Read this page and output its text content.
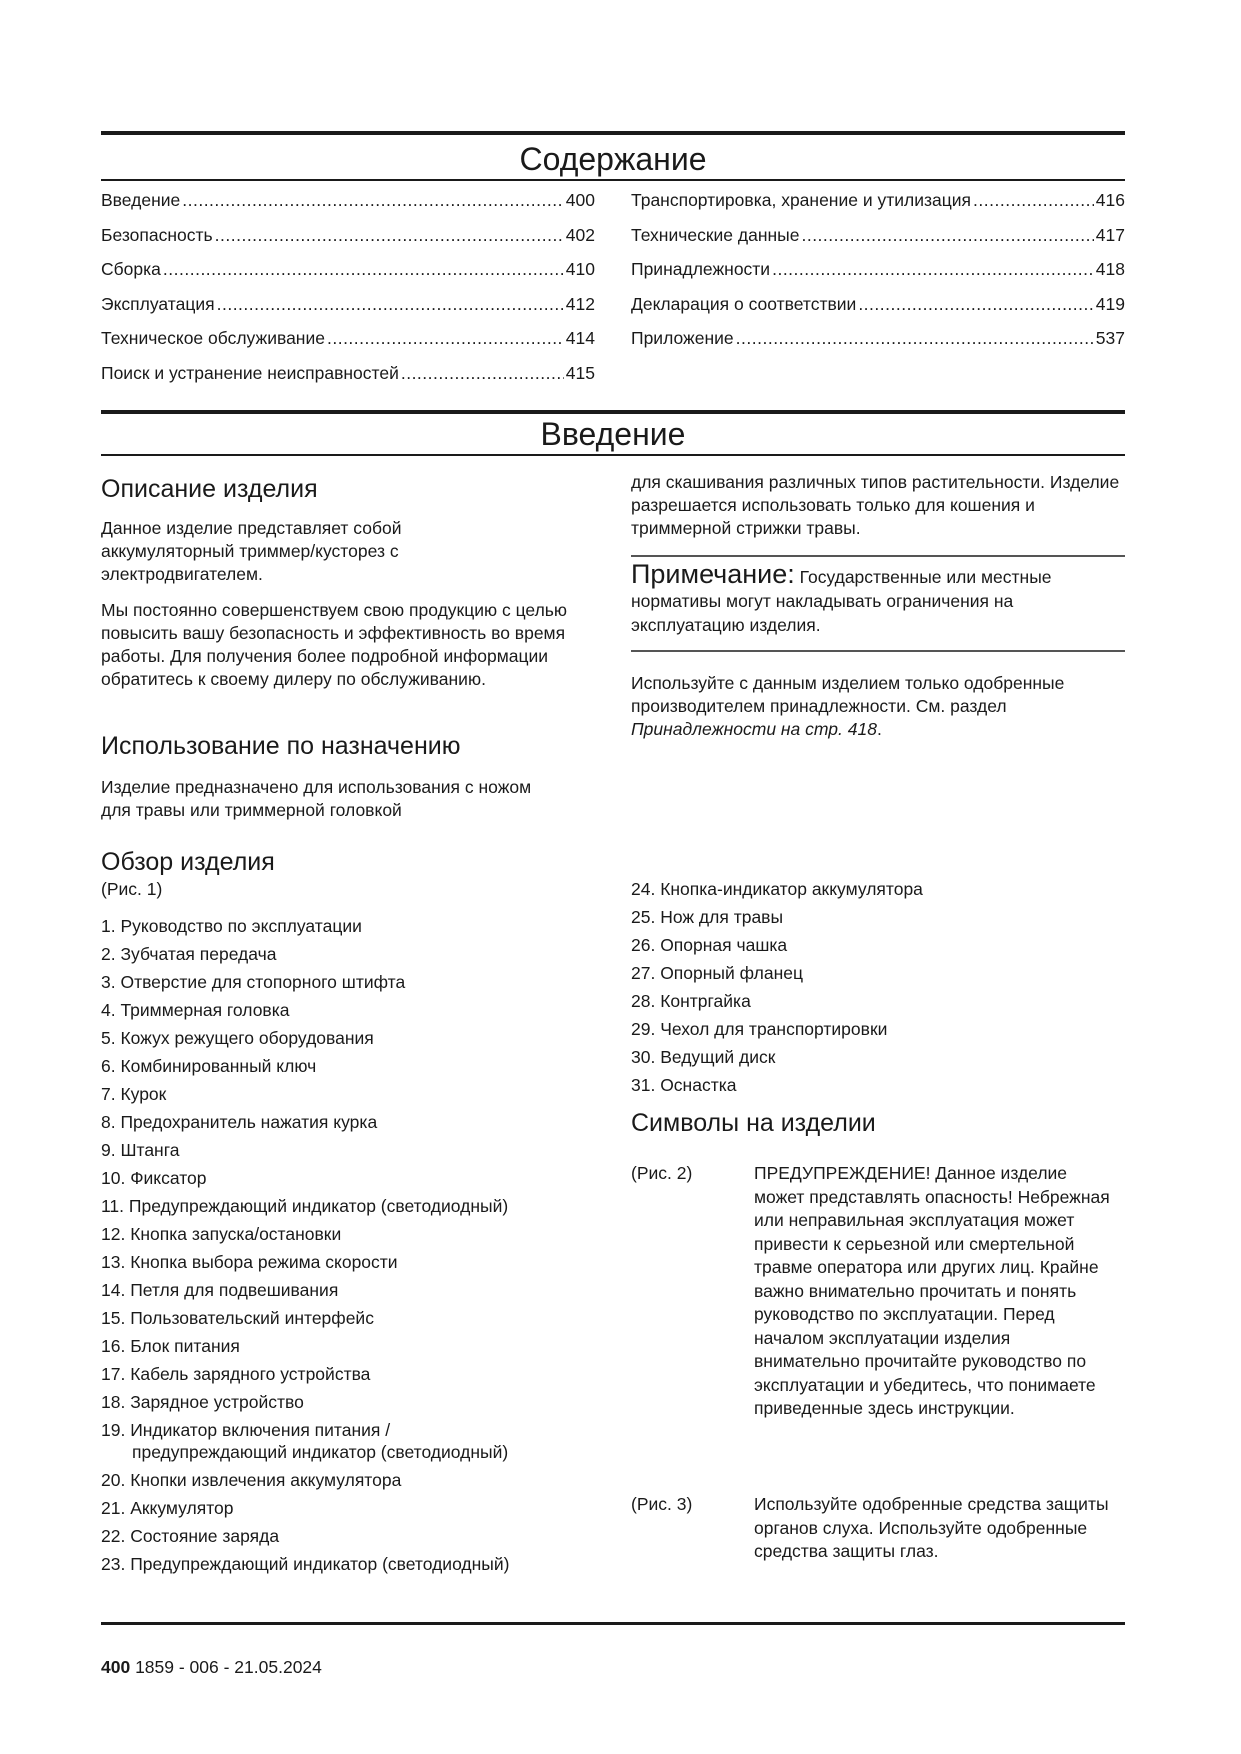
Содержание
Введение .....	400
Безопасность .....	402
Сборка .....	410
Эксплуатация .....	412
Техническое обслуживание .....	414
Поиск и устранение неисправностей .....	415
Транспортировка, хранение и утилизация .....	416
Технические данные .....	417
Принадлежности .....	418
Декларация о соответствии .....	419
Приложение .....	537
Введение
Описание изделия
Данное изделие представляет собой аккумуляторный триммер/кусторез с электродвигателем.
Мы постоянно совершенствуем свою продукцию с целью повысить вашу безопасность и эффективность во время работы. Для получения более подробной информации обратитесь к своему дилеру по обслуживанию.
Использование по назначению
Изделие предназначено для использования с ножом для травы или триммерной головкой
для скашивания различных типов растительности. Изделие разрешается использовать только для кошения и триммерной стрижки травы.
Примечание: Государственные или местные нормативы могут накладывать ограничения на эксплуатацию изделия.
Используйте с данным изделием только одобренные производителем принадлежности. См. раздел Принадлежности на стр. 418.
Обзор изделия
(Рис. 1)
1. Руководство по эксплуатации
2. Зубчатая передача
3. Отверстие для стопорного штифта
4. Триммерная головка
5. Кожух режущего оборудования
6. Комбинированный ключ
7. Курок
8. Предохранитель нажатия курка
9. Штанга
10. Фиксатор
11. Предупреждающий индикатор (светодиодный)
12. Кнопка запуска/остановки
13. Кнопка выбора режима скорости
14. Петля для подвешивания
15. Пользовательский интерфейс
16. Блок питания
17. Кабель зарядного устройства
18. Зарядное устройство
19. Индикатор включения питания /
предупреждающий индикатор (светодиодный)
20. Кнопки извлечения аккумулятора
21. Аккумулятор
22. Состояние заряда
23. Предупреждающий индикатор (светодиодный)
24. Кнопка-индикатор аккумулятора
25. Нож для травы
26. Опорная чашка
27. Опорный фланец
28. Контргайка
29. Чехол для транспортировки
30. Ведущий диск
31. Оснастка
Символы на изделии
(Рис. 2)	ПРЕДУПРЕЖДЕНИЕ! Данное изделие может представлять опасность! Небрежная или неправильная эксплуатация может привести к серьезной или смертельной травме оператора или других лиц. Крайне важно внимательно прочитать и понять руководство по эксплуатации. Перед началом эксплуатации изделия внимательно прочитайте руководство по эксплуатации и убедитесь, что понимаете приведенные здесь инструкции.
(Рис. 3)	Используйте одобренные средства защиты органов слуха. Используйте одобренные средства защиты глаз.
400 1859 - 006 - 21.05.2024
